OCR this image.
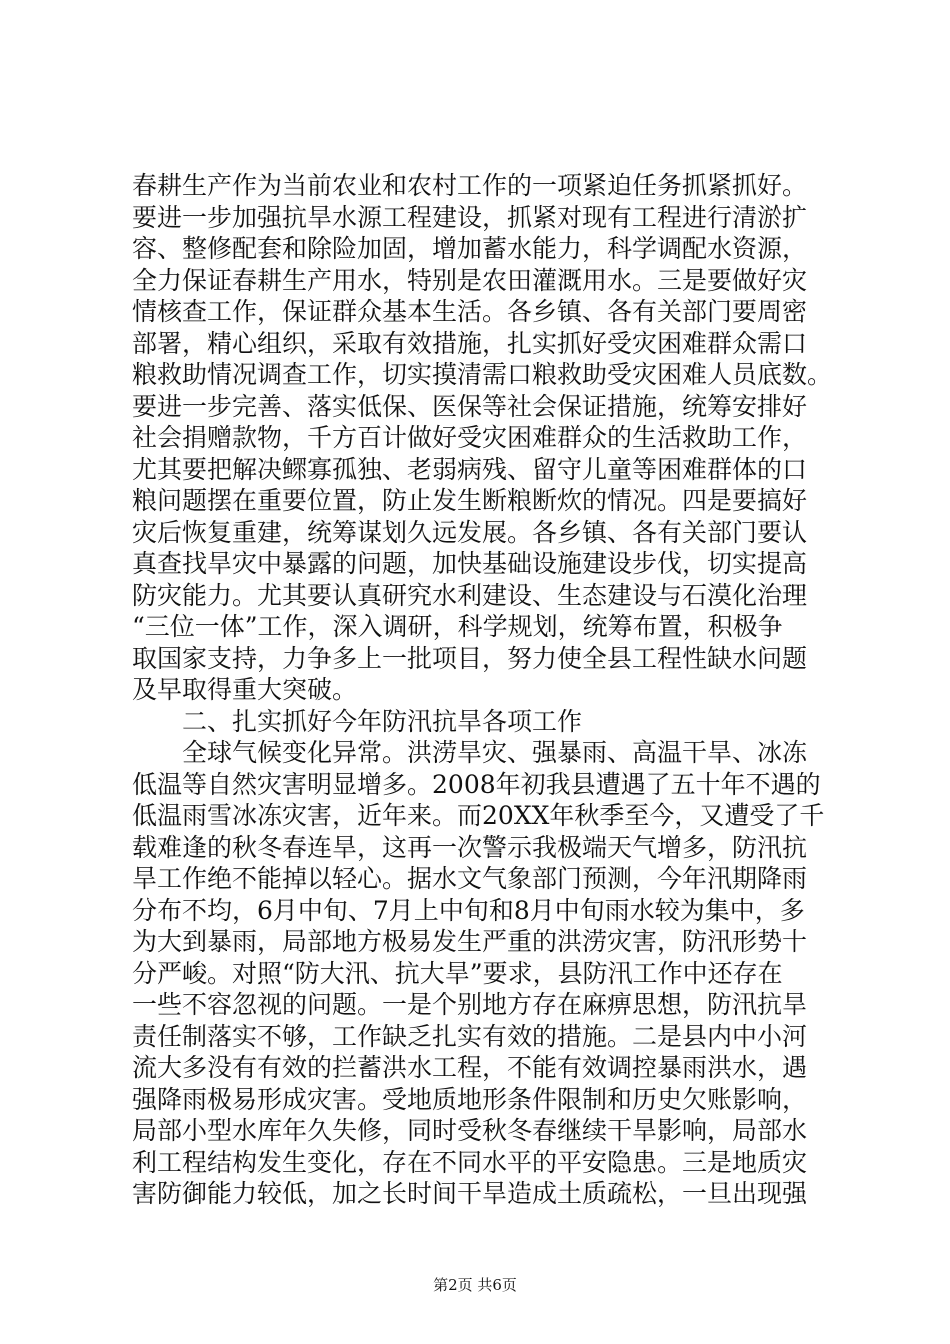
春耕生产作为当前农业和农村工作的一项紧迫任务抓紧抓好。
要进一步加强抗旱水源工程建设，抓紧对现有工程进行清淤扩
容、整修配套和除险加固，增加蓄水能力，科学调配水资源，
全力保证春耕生产用水，特别是农田灌溉用水。三是要做好灾
情核查工作，保证群众基本生活。各乡镇、各有关部门要周密
部署，精心组织，采取有效措施，扎实抓好受灾困难群众需口
粮救助情况调查工作，切实摸清需口粮救助受灾困难人员底数。
要进一步完善、落实低保、医保等社会保证措施，统筹安排好
社会捐赠款物，千方百计做好受灾困难群众的生活救助工作，
尤其要把解决鳏寡孤独、老弱病残、留守儿童等困难群体的口
粮问题摆在重要位置，防止发生断粮断炊的情况。四是要搞好
灾后恢复重建，统筹谋划久远发展。各乡镇、各有关部门要认
真查找旱灾中暴露的问题，加快基础设施建设步伐，切实提高
防灾能力。尤其要认真研究水利建设、生态建设与石漠化治理
“三位一体”工作，深入调研，科学规划，统筹布置，积极争
取国家支持，力争多上一批项目，努力使全县工程性缺水问题
及早取得重大突破。
　　二、扎实抓好今年防汛抗旱各项工作
　　全球气候变化异常。洪涝旱灾、强暴雨、高温干旱、冰冻
低温等自然灾害明显增多。2008年初我县遭遇了五十年不遇的
低温雨雪冰冻灾害，近年来。而20XX年秋季至今，又遭受了千
载难逢的秋冬春连旱，这再一次警示我极端天气增多，防汛抗
旱工作绝不能掉以轻心。据水文气象部门预测，今年汛期降雨
分布不均，6月中旬、7月上中旬和8月中旬雨水较为集中，多
为大到暴雨，局部地方极易发生严重的洪涝灾害，防汛形势十
分严峻。对照“防大汛、抗大旱”要求，县防汛工作中还存在
一些不容忽视的问题。一是个别地方存在麻痹思想，防汛抗旱
责任制落实不够，工作缺乏扎实有效的措施。二是县内中小河
流大多没有有效的拦蓄洪水工程，不能有效调控暴雨洪水，遇
强降雨极易形成灾害。受地质地形条件限制和历史欠账影响，
局部小型水库年久失修，同时受秋冬春继续干旱影响，局部水
利工程结构发生变化，存在不同水平的平安隐患。三是地质灾
害防御能力较低，加之长时间干旱造成土质疏松，一旦出现强
第2页 共6页
